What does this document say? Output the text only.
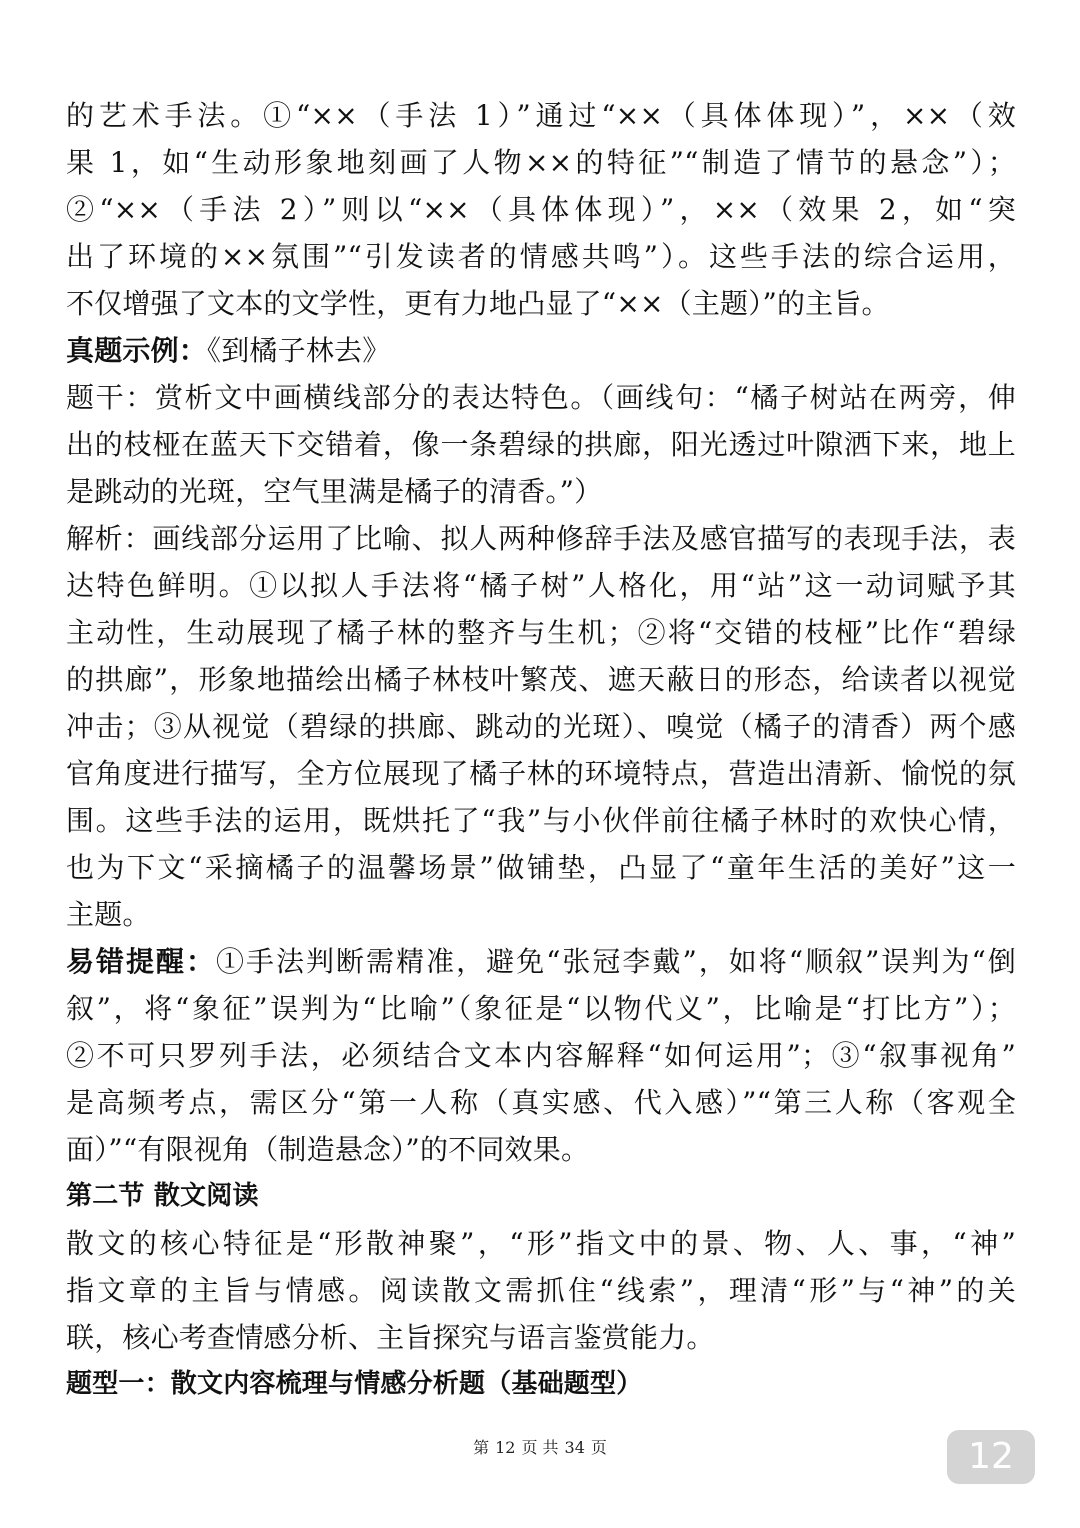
的艺术手法。①“××（手法 1）”通过“××（具体体现）”，××（效
果 1，如“生动形象地刻画了人物××的特征”“制造了情节的悬念”）；
②“××（手法 2）”则以“××（具体体现）”，××（效果 2，如“突
出了环境的××氛围”“引发读者的情感共鸣”）。这些手法的综合运用，
不仅增强了文本的文学性，更有力地凸显了“××（主题）”的主旨。
真题示例：《到橘子林去》
题干：赏析文中画横线部分的表达特色。（画线句：“橘子树站在两旁，伸
出的枝桠在蓝天下交错着，像一条碧绿的拱廊，阳光透过叶隙洒下来，地上
是跳动的光斑，空气里满是橘子的清香。”）
解析：画线部分运用了比喻、拟人两种修辞手法及感官描写的表现手法，表
达特色鲜明。①以拟人手法将“橘子树”人格化，用“站”这一动词赋予其
主动性，生动展现了橘子林的整齐与生机；②将“交错的枝桠”比作“碧绿
的拱廊”，形象地描绘出橘子林枝叶繁茂、遮天蔽日的形态，给读者以视觉
冲击；③从视觉（碧绿的拱廊、跳动的光斑）、嗅觉（橘子的清香）两个感
官角度进行描写，全方位展现了橘子林的环境特点，营造出清新、愉悦的氛
围。这些手法的运用，既烘托了“我”与小伙伴前往橘子林时的欢快心情，
也为下文“采摘橘子的温馨场景”做铺垫，凸显了“童年生活的美好”这一
主题。
易错提醒：①手法判断需精准，避免“张冠李戴”，如将“顺叙”误判为“倒
叙”，将“象征”误判为“比喻”（象征是“以物代义”，比喻是“打比方”）；
②不可只罗列手法，必须结合文本内容解释“如何运用”；③“叙事视角”
是高频考点，需区分“第一人称（真实感、代入感）”“第三人称（客观全
面）”“有限视角（制造悬念）”的不同效果。
第二节 散文阅读
散文的核心特征是“形散神聚”，“形”指文中的景、物、人、事，“神”
指文章的主旨与情感。阅读散文需抓住“线索”，理清“形”与“神”的关
联，核心考查情感分析、主旨探究与语言鉴赏能力。
题型一：散文内容梳理与情感分析题（基础题型）
第 12 页 共 34 页	12
